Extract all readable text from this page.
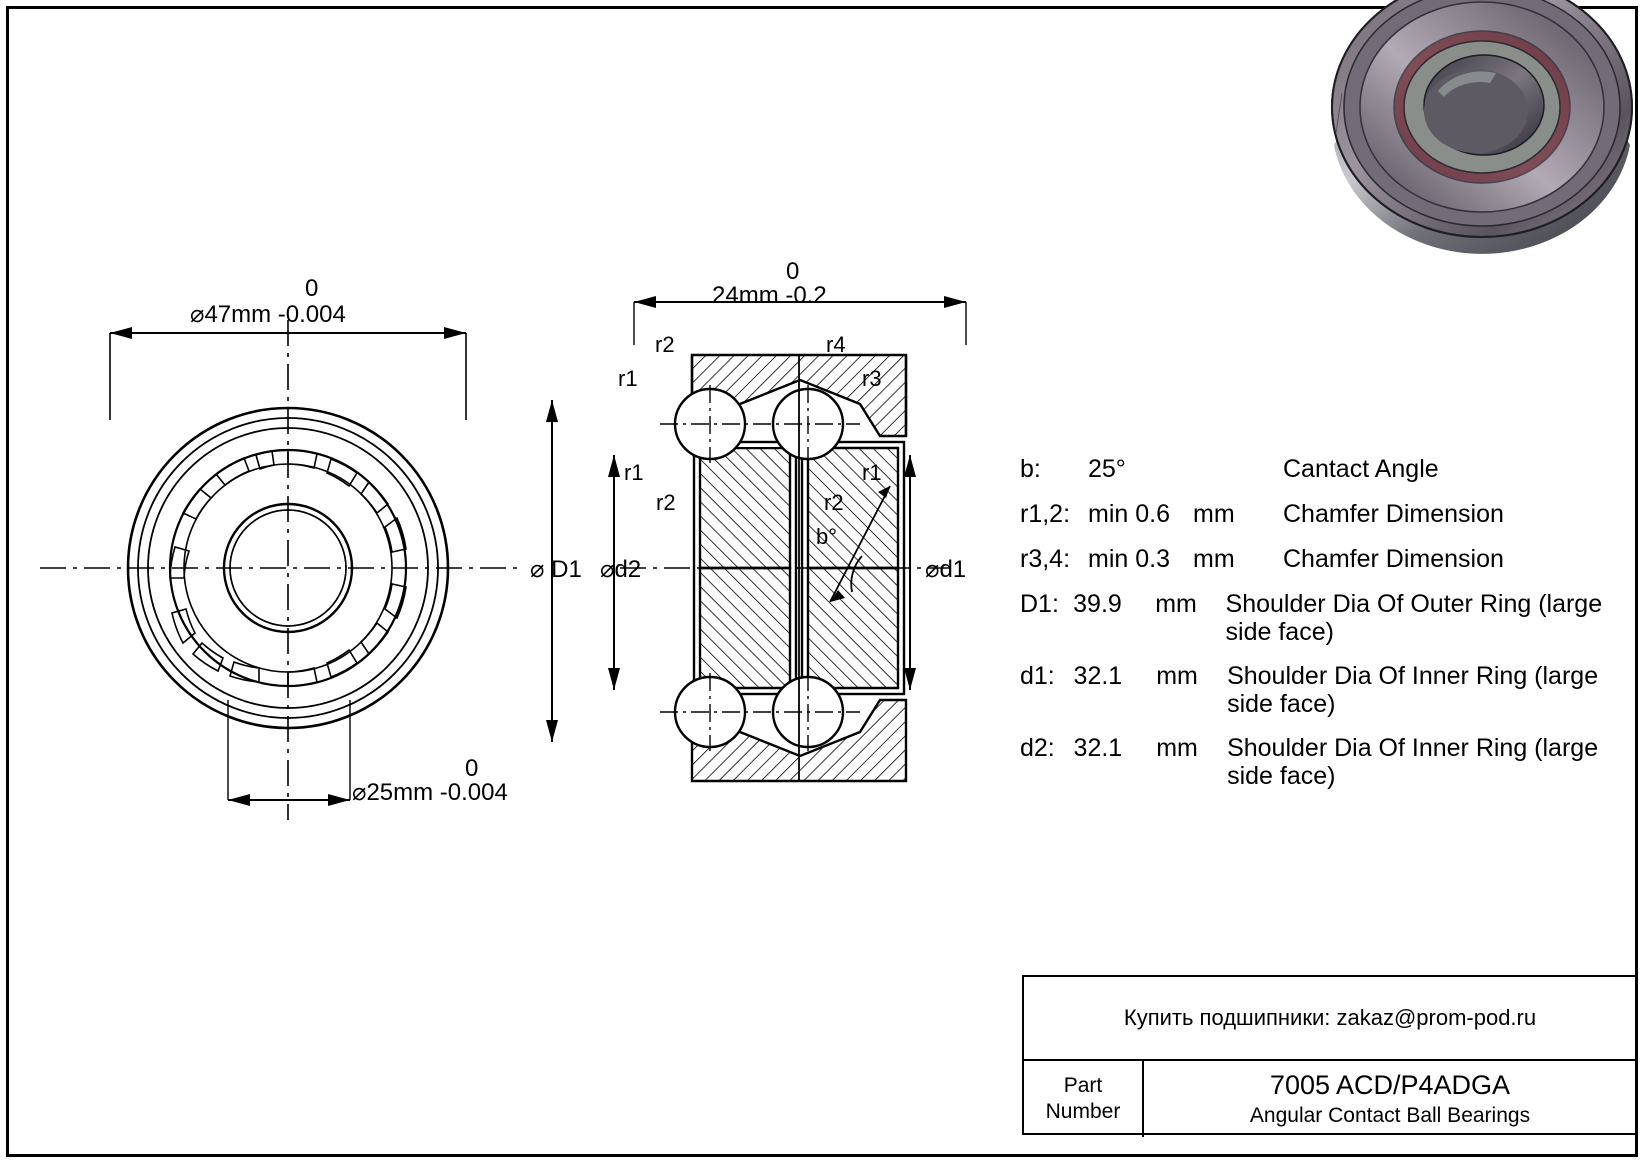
0
⌀47mm -0.004
0
⌀25mm -0.004
0
24mm -0.2
r2	r4
r1	r3
r1	r1
r2	r2
b°
⌀ D1 ⌀d2	⌀d1
b:	25°	Cantact Angle
r1,2: min 0.6 mm	Chamfer Dimension
r3,4: min 0.3 mm	Chamfer Dimension
D1: 39.9	mm	Shoulder Dia Of Outer Ring (large side face)
d1: 32.1	mm	Shoulder Dia Of Inner Ring (large side face)
d2: 32.1	mm	Shoulder Dia Of Inner Ring (large side face)
Купить подшипники: zakaz@prom-pod.ru
Part
Number
7005 ACD/P4ADGA
Angular Contact Ball Bearings
